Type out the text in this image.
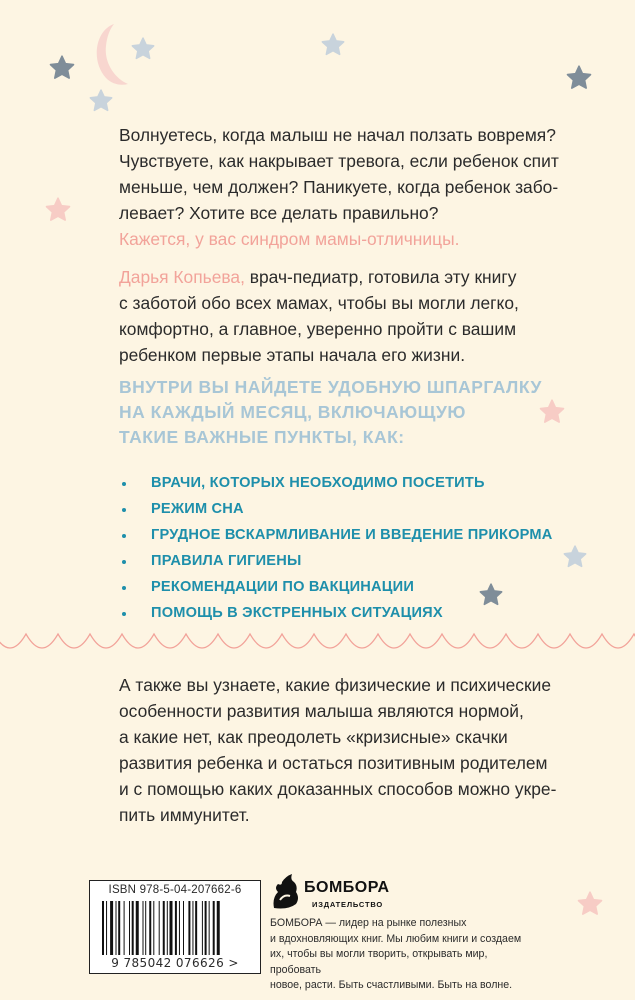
Волнуетесь, когда малыш не начал ползать вовремя?

Чувствуете, как накрывает тревога, если ребенок спит

меньше, чем должен? Паникуете, когда ребенок забо-

левает? Хотите все делать правильно?

Кажется, у вас синдром мамы-отличницы.

Дарья Копьева, врач-педиатр, готовила эту книгу

с заботой обо всех мамах, чтобы вы могли легко,

комфортно, а главное, уверенно пройти с вашим

ребенком первые этапы начала его жизни.

ВНУТРИ ВЫ НАЙДЕТЕ УДОБНУЮ ШПАРГАЛКУ
НА КАЖДЫЙ МЕСЯЦ, ВКЛЮЧАЮЩУЮ
ТАКИЕ ВАЖНЫЕ ПУНКТЫ, КАК:
ВРАЧИ, КОТОРЫХ НЕОБХОДИМО ПОСЕТИТЬ
РЕЖИМ СНА
ГРУДНОЕ ВСКАРМЛИВАНИЕ И ВВЕДЕНИЕ ПРИКОРМА
ПРАВИЛА ГИГИЕНЫ
РЕКОМЕНДАЦИИ ПО ВАКЦИНАЦИИ
ПОМОЩЬ В ЭКСТРЕННЫХ СИТУАЦИЯХ

А также вы узнаете, какие физические и психические

особенности развития малыша являются нормой,

а какие нет, как преодолеть «кризисные» скачки

развития ребенка и остаться позитивным родителем

и с помощью каких доказанных способов можно укре-

пить иммунитет.

ISBN 978-5-04-207662-6
9 785042 076626 >
БОМБОРА
ИЗДАТЕЛЬСТВО
БОМБОРА — лидер на рынке полезных
и вдохновляющих книг. Мы любим книги и создаем
их, чтобы вы могли творить, открывать мир, пробовать
новое, расти. Быть счастливыми. Быть на волне.
